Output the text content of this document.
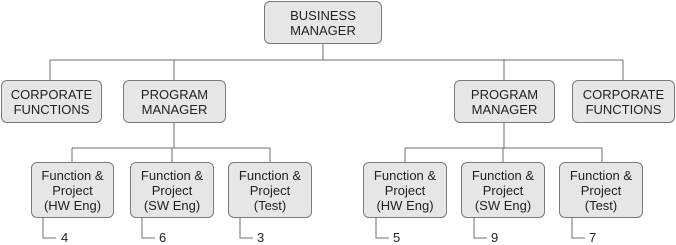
BUSINESS
MANAGER
CORPORATE
FUNCTIONS
PROGRAM
MANAGER
PROGRAM
MANAGER
CORPORATE
FUNCTIONS
Function &
Project
(HW Eng)
Function &
Project
(SW Eng)
Function &
Project
(Test)
Function &
Project
(HW Eng)
Function &
Project
(SW Eng)
Function &
Project
(Test)
4	6	3	5	9	7
